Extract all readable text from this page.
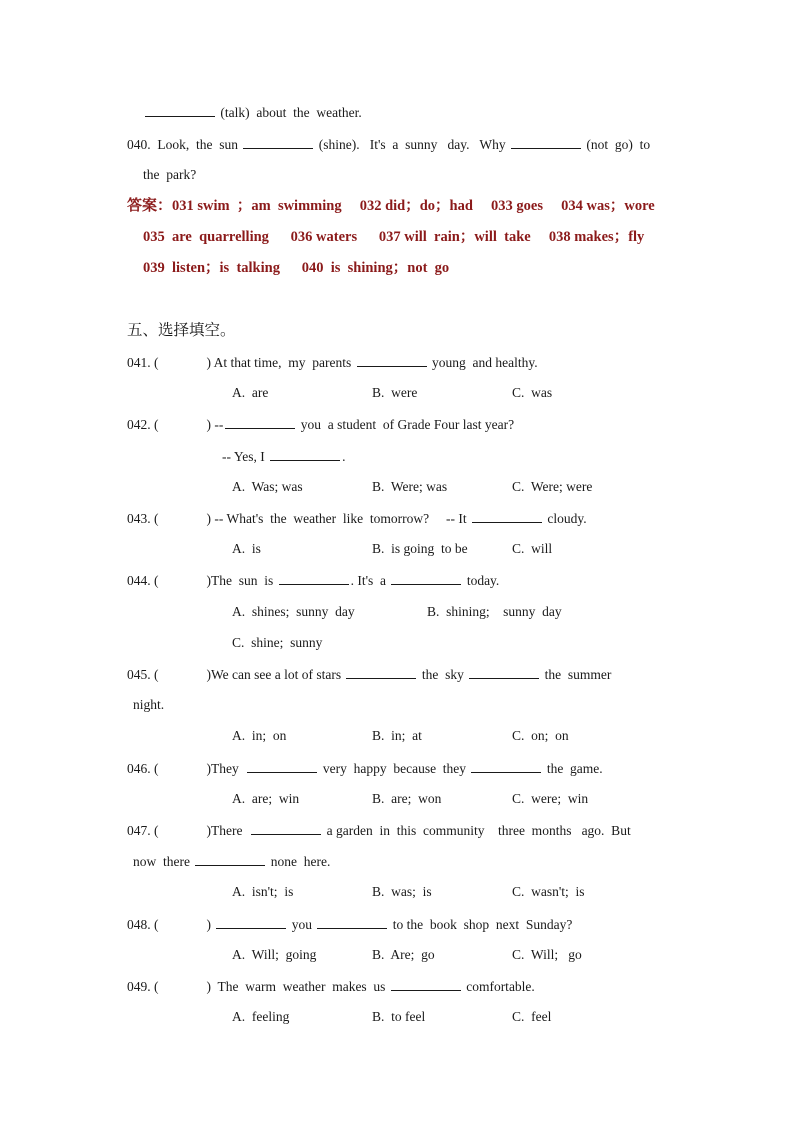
(talk)  about  the  weather.
040. Look,  the  sun	(shine).   It's  a  sunny   day.   Why	(not  go)  to
the  park?
答案：031 swim  ；am  swimming     032 did；do；had     033 goes     034 was；wore
035  are  quarrelling      036 waters      037 will  rain；will  take     038 makes；fly
039  listen；is  talking      040  is  shining；not  go
五、选择填空。
041. (	) At that time,  my  parents	young  and healthy.
A.  are	B.  were	C.  was
042. (	) --	you  a student  of Grade Four last year?
-- Yes, I	.
A.  Was; was	B.  Were; was	C.  Were; were
043. (	) -- What's  the  weather  like  tomorrow?     -- It	cloudy.
A.  is	B.  is going  to be	C.  will
044. (	)The  sun  is	. It's  a	today.
A.  shines;  sunny  day	B.  shining;    sunny  day
C.  shine;  sunny
045. (	)We can see a lot of stars	the  sky	the  summer
night.
A.  in;  on	B.  in;  at	C.  on;  on
046. (	)They	very  happy  because  they	the  game.
A.  are;  win	B.  are;  won	C.  were;  win
047. (	)There	a garden  in  this  community    three  months   ago.  But
now  there	none  here.
A.  isn't;  is	B.  was;  is	C.  wasn't;  is
048. (	)	you	to the  book  shop  next  Sunday?
A.  Will;  going	B.  Are;  go	C.  Will;   go
049. (	)  The  warm  weather  makes  us	comfortable.
A.  feeling	B.  to feel	C.  feel
